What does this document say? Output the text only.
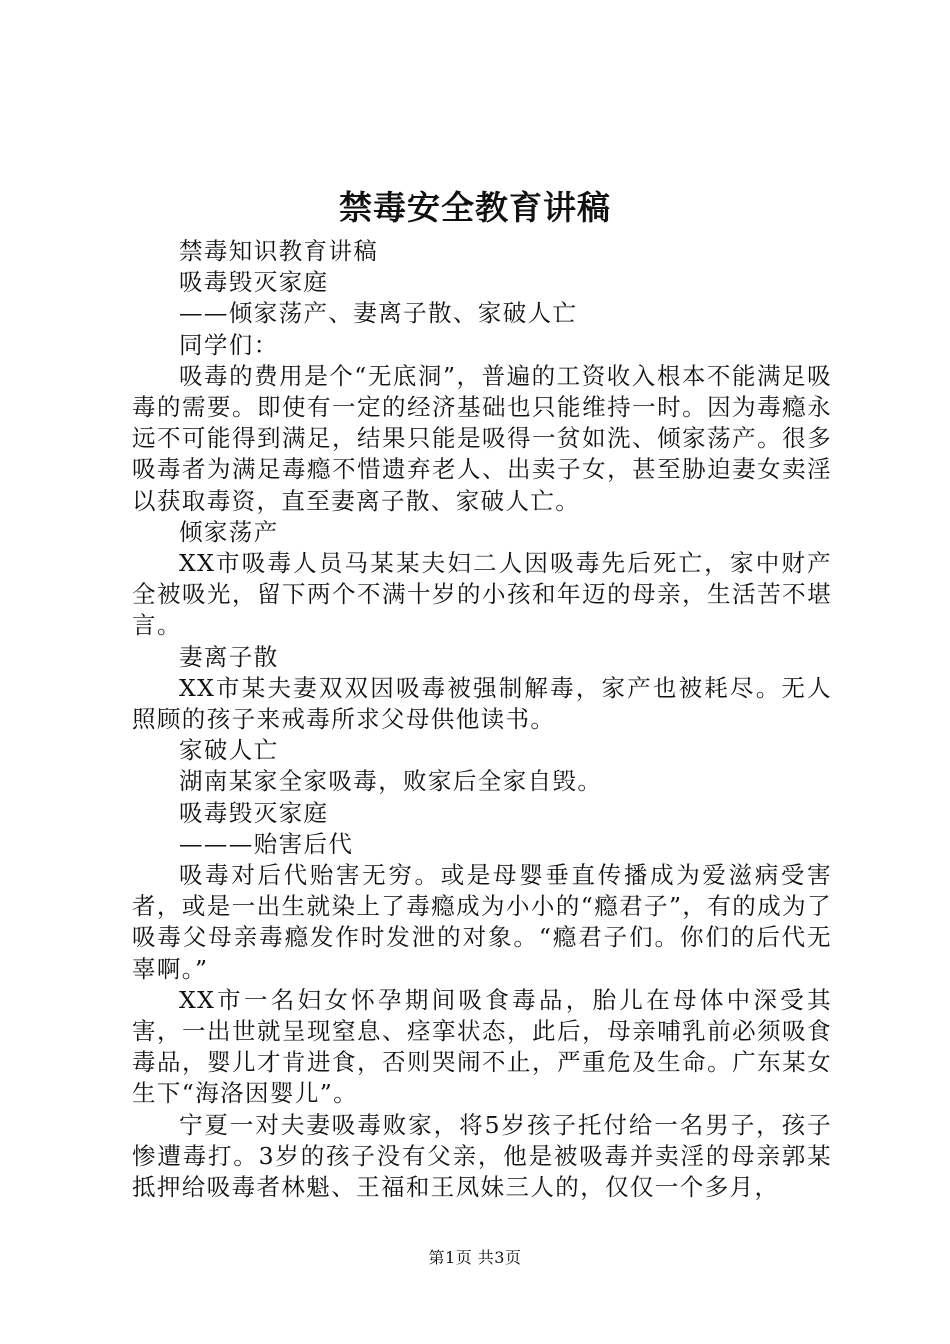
禁毒安全教育讲稿

禁毒知识教育讲稿

吸毒毁灭家庭

——倾家荡产、妻离子散、家破人亡

同学们：

吸毒的费用是个“无底洞”，普遍的工资收入根本不能满足吸毒的需要。即使有一定的经济基础也只能维持一时。因为毒瘾永远不可能得到满足，结果只能是吸得一贫如洗、倾家荡产。很多吸毒者为满足毒瘾不惜遗弃老人、出卖子女，甚至胁迫妻女卖淫以获取毒资，直至妻离子散、家破人亡。

倾家荡产

XX市吸毒人员马某某夫妇二人因吸毒先后死亡，家中财产全被吸光，留下两个不满十岁的小孩和年迈的母亲，生活苦不堪言。

妻离子散

XX市某夫妻双双因吸毒被强制解毒，家产也被耗尽。无人照顾的孩子来戒毒所求父母供他读书。

家破人亡

湖南某家全家吸毒，败家后全家自毁。

吸毒毁灭家庭

———贻害后代

吸毒对后代贻害无穷。或是母婴垂直传播成为爱滋病受害者，或是一出生就染上了毒瘾成为小小的“瘾君子”，有的成为了吸毒父母亲毒瘾发作时发泄的对象。“瘾君子们。你们的后代无辜啊。”

XX市一名妇女怀孕期间吸食毒品，胎儿在母体中深受其害，一出世就呈现窒息、痉挛状态，此后，母亲哺乳前必须吸食毒品，婴儿才肯进食，否则哭闹不止，严重危及生命。广东某女生下“海洛因婴儿”。

宁夏一对夫妻吸毒败家，将5岁孩子托付给一名男子，孩子惨遭毒打。3岁的孩子没有父亲，他是被吸毒并卖淫的母亲郭某抵押给吸毒者林魁、王福和王凤妹三人的，仅仅一个多月，

第1页 共3页
